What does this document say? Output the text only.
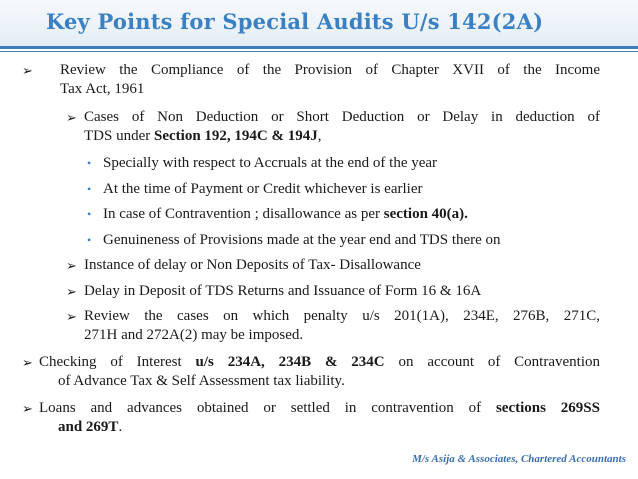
Key Points for Special Audits U/s 142(2A)
➢ Review the Compliance of the Provision of Chapter XVII of the Income
Tax Act, 1961
➢ Cases of Non Deduction or Short Deduction or Delay in deduction of
TDS under Section 192, 194C & 194J,
• Specially with respect to Accruals at the end of the year
• At the time of Payment or Credit whichever is earlier
• In case of Contravention ; disallowance as per section 40(a).
• Genuineness of Provisions made at the year end and TDS there on
➢ Instance of delay or Non Deposits of Tax- Disallowance
➢ Delay in Deposit of TDS Returns and Issuance of Form 16 & 16A
➢ Review the cases on which penalty u/s 201(1A), 234E, 276B, 271C,
271H and 272A(2) may be imposed.
➢ Checking of Interest u/s 234A, 234B & 234C on account of Contravention
of Advance Tax & Self Assessment tax liability.
➢ Loans and advances obtained or settled in contravention of sections 269SS
and 269T.
M/s Asija & Associates, Chartered Accountants
